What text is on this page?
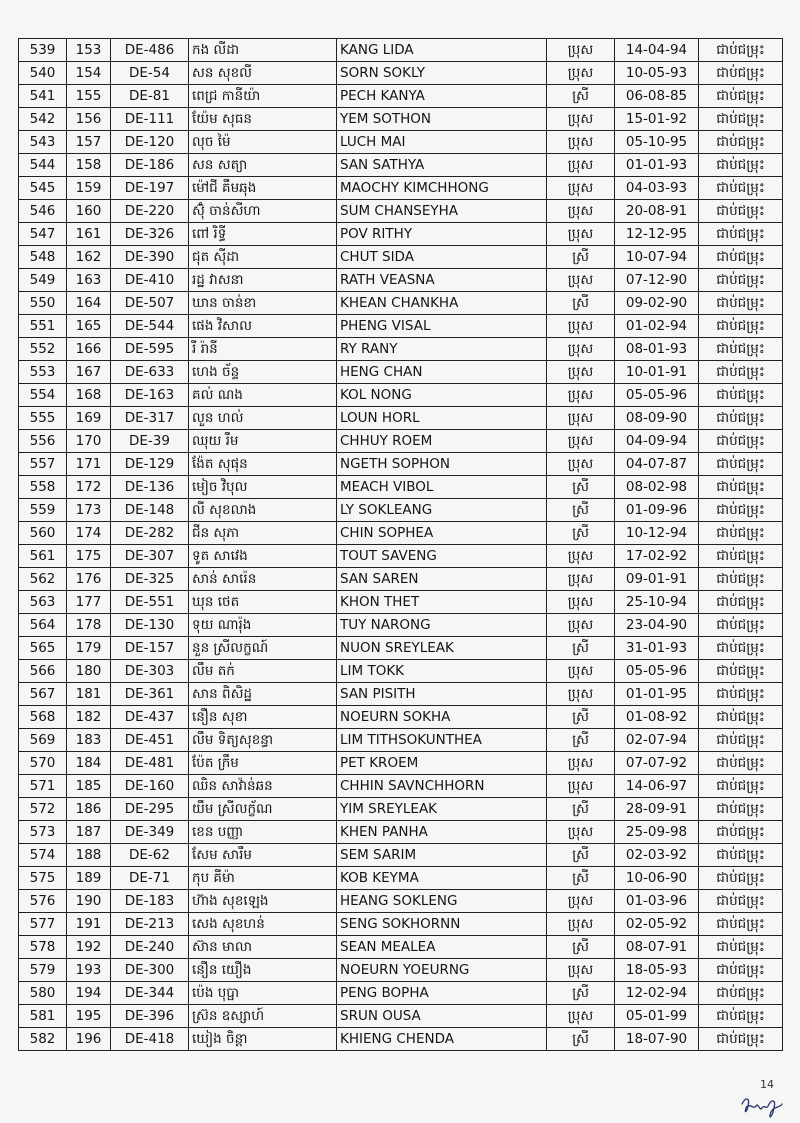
539	153	DE-486	កង លីដា	KANG LIDA	ប្រុស	14-04-94	ជាប់ជម្រុះ
540	154	DE-54	សន សុខលី	SORN SOKLY	ប្រុស	10-05-93	ជាប់ជម្រុះ
541	155	DE-81	ពេជ្រ កានីយ៉ា	PECH KANYA	ស្រី	06-08-85	ជាប់ជម្រុះ
542	156	DE-111	យ៉ែម សុធន	YEM SOTHON	ប្រុស	15-01-92	ជាប់ជម្រុះ
543	157	DE-120	លុច ម៉ៃ	LUCH MAI	ប្រុស	05-10-95	ជាប់ជម្រុះ
544	158	DE-186	សន សត្យា	SAN SATHYA	ប្រុស	01-01-93	ជាប់ជម្រុះ
545	159	DE-197	ម៉ៅជី គឹមឆុង	MAOCHY KIMCHHONG	ប្រុស	04-03-93	ជាប់ជម្រុះ
546	160	DE-220	ស៊ុំ ចាន់សីហា	SUM CHANSEYHA	ប្រុស	20-08-91	ជាប់ជម្រុះ
547	161	DE-326	ពៅ រិទ្ធី	POV RITHY	ប្រុស	12-12-95	ជាប់ជម្រុះ
548	162	DE-390	ជុត ស៊ីដា	CHUT SIDA	ស្រី	10-07-94	ជាប់ជម្រុះ
549	163	DE-410	រដ្ឋ វាសនា	RATH VEASNA	ប្រុស	07-12-90	ជាប់ជម្រុះ
550	164	DE-507	ឃាន ចាន់ខា	KHEAN CHANKHA	ស្រី	09-02-90	ជាប់ជម្រុះ
551	165	DE-544	ផេង វិសាល	PHENG VISAL	ប្រុស	01-02-94	ជាប់ជម្រុះ
552	166	DE-595	រី រ៉ានី	RY RANY	ប្រុស	08-01-93	ជាប់ជម្រុះ
553	167	DE-633	ហេង ច័ន្ទ	HENG CHAN	ប្រុស	10-01-91	ជាប់ជម្រុះ
554	168	DE-163	គល់ ណង	KOL NONG	ប្រុស	05-05-96	ជាប់ជម្រុះ
555	169	DE-317	លួន ហល់	LOUN HORL	ប្រុស	08-09-90	ជាប់ជម្រុះ
556	170	DE-39	ឈុយ រឹម	CHHUY ROEM	ប្រុស	04-09-94	ជាប់ជម្រុះ
557	171	DE-129	ង៉ែត សុផុន	NGETH SOPHON	ប្រុស	04-07-87	ជាប់ជម្រុះ
558	172	DE-136	មៀច វិបុល	MEACH VIBOL	ស្រី	08-02-98	ជាប់ជម្រុះ
559	173	DE-148	លី សុខលាង	LY SOKLEANG	ស្រី	01-09-96	ជាប់ជម្រុះ
560	174	DE-282	ជីន សុភា	CHIN SOPHEA	ស្រី	10-12-94	ជាប់ជម្រុះ
561	175	DE-307	ទូត សាវេង	TOUT SAVENG	ប្រុស	17-02-92	ជាប់ជម្រុះ
562	176	DE-325	សាន់ សារ៉េន	SAN SAREN	ប្រុស	09-01-91	ជាប់ជម្រុះ
563	177	DE-551	ឃុន ថេត	KHON THET	ប្រុស	25-10-94	ជាប់ជម្រុះ
564	178	DE-130	ទុយ ណារ៉ុង	TUY NARONG	ប្រុស	23-04-90	ជាប់ជម្រុះ
565	179	DE-157	នួន ស្រីលក្ខណ៍	NUON SREYLEAK	ស្រី	31-01-93	ជាប់ជម្រុះ
566	180	DE-303	លឹម តក់	LIM TOKK	ប្រុស	05-05-96	ជាប់ជម្រុះ
567	181	DE-361	សាន ពិសិដ្ឋ	SAN PISITH	ប្រុស	01-01-95	ជាប់ជម្រុះ
568	182	DE-437	នឿន សុខា	NOEURN SOKHA	ស្រី	01-08-92	ជាប់ជម្រុះ
569	183	DE-451	លឹម ទិត្យសុខន្ធា	LIM TITHSOKUNTHEA	ស្រី	02-07-94	ជាប់ជម្រុះ
570	184	DE-481	ប៉ែត ក្រឹម	PET KROEM	ប្រុស	07-07-92	ជាប់ជម្រុះ
571	185	DE-160	ឈិន សាវ៉ាន់ឆន	CHHIN SAVNCHHORN	ប្រុស	14-06-97	ជាប់ជម្រុះ
572	186	DE-295	យឹម ស្រីលក្ខ័ណ	YIM SREYLEAK	ស្រី	28-09-91	ជាប់ជម្រុះ
573	187	DE-349	ខេន បញ្ញា	KHEN PANHA	ប្រុស	25-09-98	ជាប់ជម្រុះ
574	188	DE-62	សែម សារឹម	SEM SARIM	ស្រី	02-03-92	ជាប់ជម្រុះ
575	189	DE-71	កុប គីម៉ា	KOB KEYMA	ស្រី	10-06-90	ជាប់ជម្រុះ
576	190	DE-183	ហ៊ាង សុខឡេង	HEANG SOKLENG	ប្រុស	01-03-96	ជាប់ជម្រុះ
577	191	DE-213	សេង សុខហន់	SENG SOKHORNN	ប្រុស	02-05-92	ជាប់ជម្រុះ
578	192	DE-240	ស៊ាន មាលា	SEAN MEALEA	ស្រី	08-07-91	ជាប់ជម្រុះ
579	193	DE-300	នឿន យឿង	NOEURN YOEURNG	ប្រុស	18-05-93	ជាប់ជម្រុះ
580	194	DE-344	ប៉េង បុប្ផា	PENG BOPHA	ស្រី	12-02-94	ជាប់ជម្រុះ
581	195	DE-396	ស្រ៊ន ឧស្សាហ៍	SRUN OUSA	ប្រុស	05-01-99	ជាប់ជម្រុះ
582	196	DE-418	ឃៀង ចិន្តា	KHIENG CHENDA	ស្រី	18-07-90	ជាប់ជម្រុះ
14
